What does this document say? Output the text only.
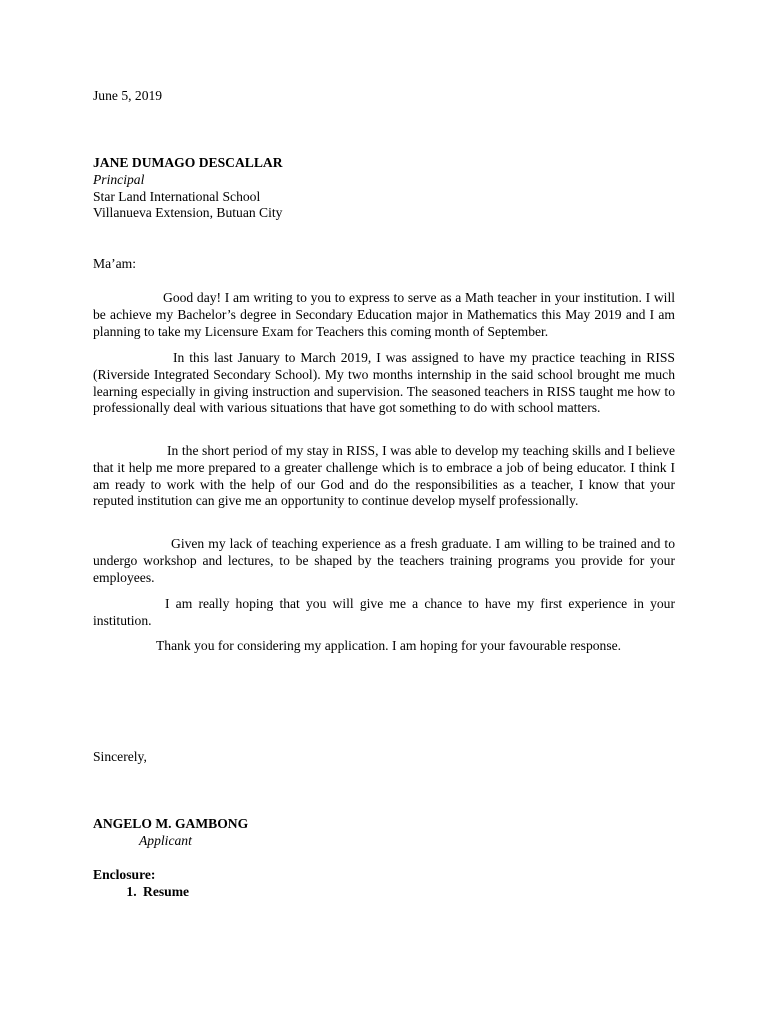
June 5, 2019
JANE DUMAGO DESCALLAR
Principal
Star Land International School
Villanueva Extension, Butuan City
Ma’am:

Good day! I am writing to you to express to serve as a Math teacher in your institution. I will be achieve my Bachelor’s degree in Secondary Education major in Mathematics this May 2019 and I am planning to take my Licensure Exam for Teachers this coming month of September.

In this last January to March 2019, I was assigned to have my practice teaching in RISS (Riverside Integrated Secondary School). My two months internship in the said school brought me much learning especially in giving instruction and supervision. The seasoned teachers in RISS taught me how to professionally deal with various situations that have got something to do with school matters.

In the short period of my stay in RISS, I was able to develop my teaching skills and I believe that it help me more prepared to a greater challenge which is to embrace a job of being educator. I think I am ready to work with the help of our God and do the responsibilities as a teacher, I know that your reputed institution can give me an opportunity to continue develop myself professionally.

Given my lack of teaching experience as a fresh graduate. I am willing to be trained and to undergo workshop and lectures, to be shaped by the teachers training programs you provide for your employees.

I am really hoping that you will give me a chance to have my first experience in your institution.

Thank you for considering my application. I am hoping for your favourable response.

Sincerely,
ANGELO M. GAMBONG
Applicant
Enclosure:
1. Resume
